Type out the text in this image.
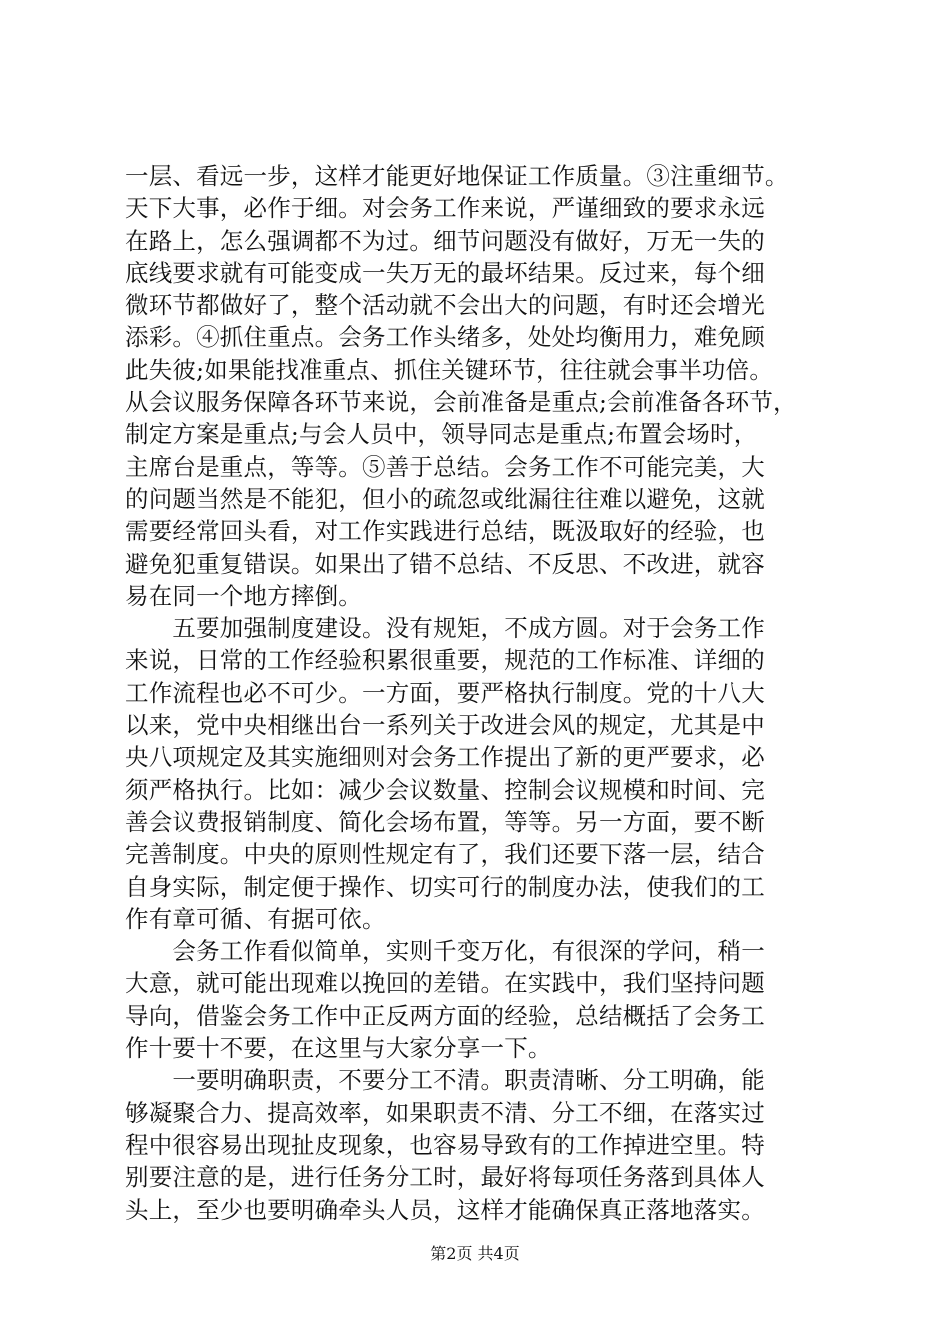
一层、看远一步，这样才能更好地保证工作质量。③注重细节。
天下大事，必作于细。对会务工作来说，严谨细致的要求永远
在路上，怎么强调都不为过。细节问题没有做好，万无一失的
底线要求就有可能变成一失万无的最坏结果。反过来，每个细
微环节都做好了，整个活动就不会出大的问题，有时还会增光
添彩。④抓住重点。会务工作头绪多，处处均衡用力，难免顾
此失彼;如果能找准重点、抓住关键环节，往往就会事半功倍。
从会议服务保障各环节来说，会前准备是重点;会前准备各环节，
制定方案是重点;与会人员中，领导同志是重点;布置会场时，
主席台是重点，等等。⑤善于总结。会务工作不可能完美，大
的问题当然是不能犯，但小的疏忽或纰漏往往难以避免，这就
需要经常回头看，对工作实践进行总结，既汲取好的经验，也
避免犯重复错误。如果出了错不总结、不反思、不改进，就容
易在同一个地方摔倒。
　　五要加强制度建设。没有规矩，不成方圆。对于会务工作
来说，日常的工作经验积累很重要，规范的工作标准、详细的
工作流程也必不可少。一方面，要严格执行制度。党的十八大
以来，党中央相继出台一系列关于改进会风的规定，尤其是中
央八项规定及其实施细则对会务工作提出了新的更严要求，必
须严格执行。比如：减少会议数量、控制会议规模和时间、完
善会议费报销制度、简化会场布置，等等。另一方面，要不断
完善制度。中央的原则性规定有了，我们还要下落一层，结合
自身实际，制定便于操作、切实可行的制度办法，使我们的工
作有章可循、有据可依。
　　会务工作看似简单，实则千变万化，有很深的学问，稍一
大意，就可能出现难以挽回的差错。在实践中，我们坚持问题
导向，借鉴会务工作中正反两方面的经验，总结概括了会务工
作十要十不要，在这里与大家分享一下。
　　一要明确职责，不要分工不清。职责清晰、分工明确，能
够凝聚合力、提高效率，如果职责不清、分工不细，在落实过
程中很容易出现扯皮现象，也容易导致有的工作掉进空里。特
别要注意的是，进行任务分工时，最好将每项任务落到具体人
头上，至少也要明确牵头人员，这样才能确保真正落地落实。
第2页 共4页
